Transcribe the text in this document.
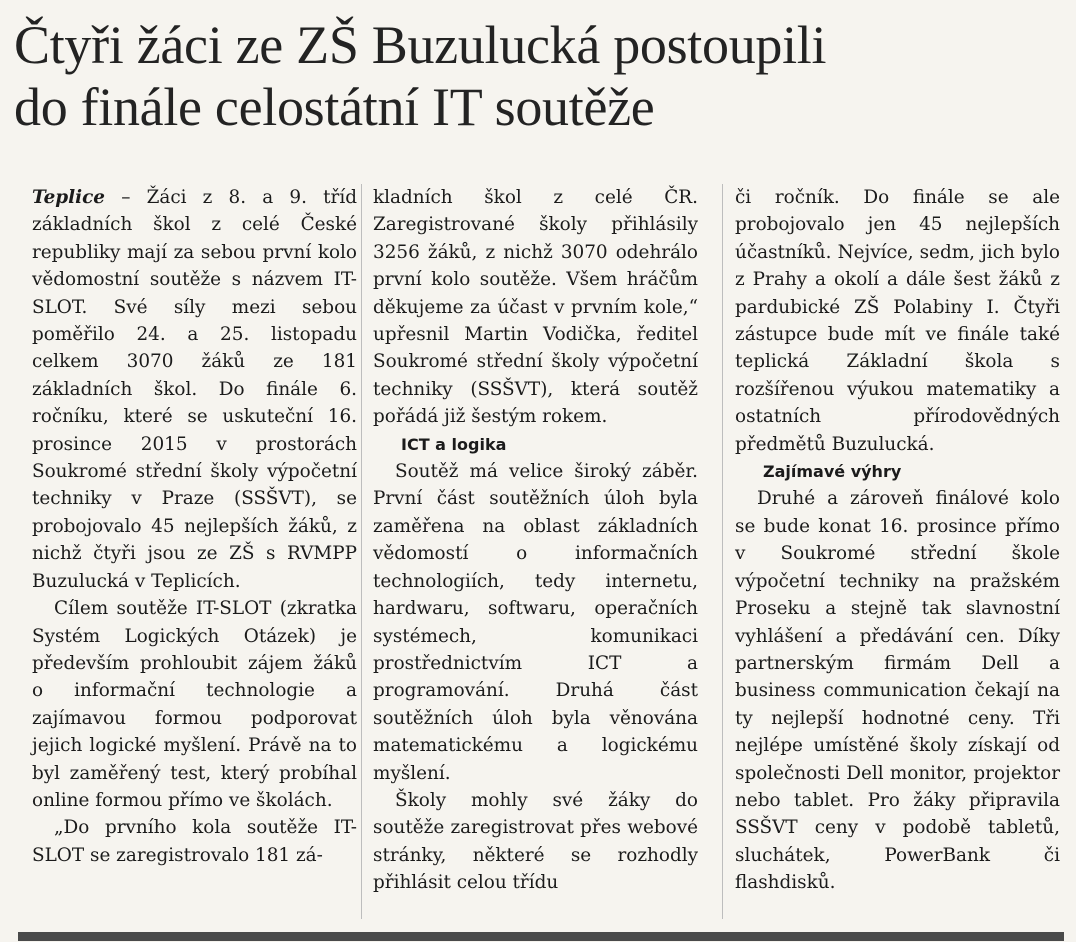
Čtyři žáci ze ZŠ Buzulucká postoupili
do finále celostátní IT soutěže

Teplice – Žáci z 8. a 9. tříd základních škol z celé České republiky mají za sebou první kolo vědomostní soutěže s názvem IT-SLOT. Své síly mezi sebou poměřilo 24. a 25. listopadu celkem 3070 žáků ze 181 základních škol. Do finále 6. ročníku, které se uskuteční 16. prosince 2015 v prostorách Soukromé střední školy výpočetní techniky v Praze (SSŠVT), se probojovalo 45 nejlepších žáků, z nichž čtyři jsou ze ZŠ s RVMPP Buzulucká v Teplicích.

Cílem soutěže IT-SLOT (zkratka Systém Logických Otázek) je především prohloubit zájem žáků o informační technologie a zajímavou formou podporovat jejich logické myšlení. Právě na to byl zaměřený test, který probíhal online formou přímo ve školách.

„Do prvního kola soutěže IT-SLOT se zaregistrovalo 181 zá-

kladních škol z celé ČR. Zaregistrované školy přihlásily 3256 žáků, z nichž 3070 odehrálo první kolo soutěže. Všem hráčům děkujeme za účast v prvním kole,“ upřesnil Martin Vodička, ředitel Soukromé střední školy výpočetní techniky (SSŠVT), která soutěž pořádá již šestým rokem.

ICT a logika

Soutěž má velice široký záběr. První část soutěžních úloh byla zaměřena na oblast základních vědomostí o informačních technologiích, tedy internetu, hardwaru, softwaru, operačních systémech, komunikaci prostřednictvím ICT a programování. Druhá část soutěžních úloh byla věnována matematickému a logickému myšlení.

Školy mohly své žáky do soutěže zaregistrovat přes webové stránky, některé se rozhodly přihlásit celou třídu

či ročník. Do finále se ale probojovalo jen 45 nejlepších účastníků. Nejvíce, sedm, jich bylo z Prahy a okolí a dále šest žáků z pardubické ZŠ Polabiny I. Čtyři zástupce bude mít ve finále také teplická Základní škola s rozšířenou výukou matematiky a ostatních přírodovědných předmětů Buzulucká.

Zajímavé výhry

Druhé a zároveň finálové kolo se bude konat 16. prosince přímo v Soukromé střední škole výpočetní techniky na pražském Proseku a stejně tak slavnostní vyhlášení a předávání cen. Díky partnerským firmám Dell a business communication čekají na ty nejlepší hodnotné ceny. Tři nejlépe umístěné školy získají od společnosti Dell monitor, projektor nebo tablet. Pro žáky připravila SSŠVT ceny v podobě tabletů, sluchátek, PowerBank či flashdisků.
